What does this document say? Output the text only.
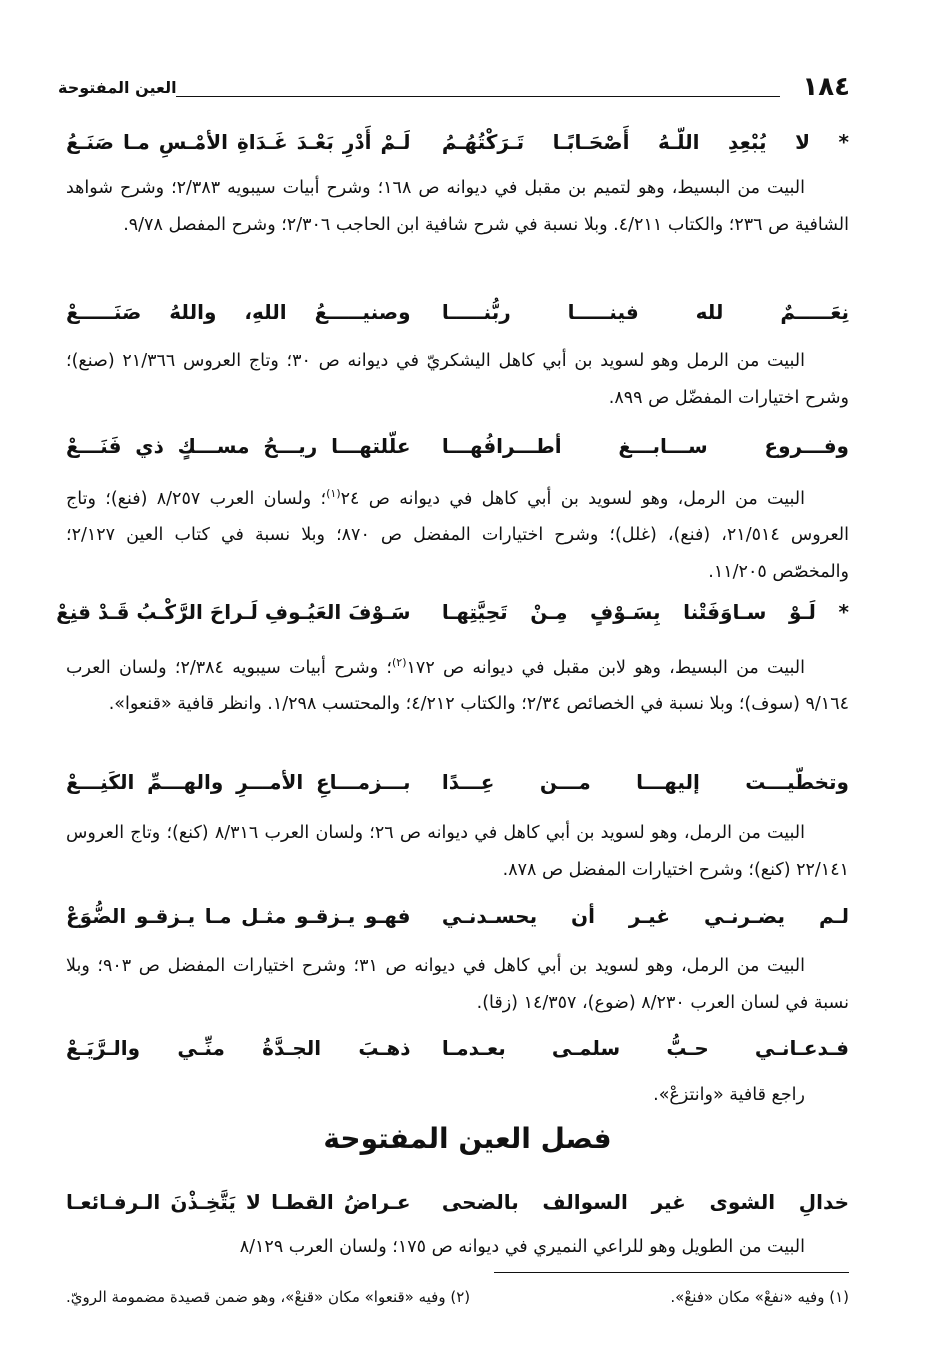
١٨٤
العين المفتوحة
* لا يُبْعِدِ اللّـهُ أَصْحَـابًـا تَـرَكْتُهُـمُ
لَـمْ أَدْرِ بَعْـدَ غَـدَاةِ الأمْـسِ مـا صَنَـعُ

البيت من البسيط، وهو لتميم بن مقبل في ديوانه ص ١٦٨؛ وشرح أبيات سيبويه ٢/٣٨٣؛ وشرح شواهد الشافية ص ٢٣٦؛ والكتاب ٤/٢١١. وبلا نسبة في شرح شافية ابن الحاجب ٢/٣٠٦؛ وشرح المفصل ٩/٧٨.

نِعَـــــمٌ لله فينـــــا ربُّنـــــا
وصنيـــــعُ اللهِ، واللهُ صَنَـــــعْ

البيت من الرمل وهو لسويد بن أبي كاهل اليشكريّ في ديوانه ص ٣٠؛ وتاج العروس ٢١/٣٦٦ (صنع)؛ وشرح اختيارات المفضّل ص ٨٩٩.

وفـــروع ســـابـــغ أطـــرافُهـــا
علّلتهـــا ريـــحُ مســـكٍ ذي فَنَـــعْ

البيت من الرمل، وهو لسويد بن أبي كاهل في ديوانه ص ٢٤$^{(١)}$؛ ولسان العرب ٨/٢٥٧ (فنع)؛ وتاج العروس ٢١/٥١٤، (فنع)، (غلل)؛ وشرح اختيارات المفضل ص ٨٧٠؛ وبلا نسبة في كتاب العين ٢/١٢٧؛ والمخصّص ١١/٢٠٥.

* لَـوْ سـاوَفَتْنا بِسَـوْفٍ مِـنْ تَحِيَّتِهـا
سَـوْفَ العَيُـوفِ لَـراحَ الرَّكْـبُ قَـدْ قنِعْ

البيت من البسيط، وهو لابن مقبل في ديوانه ص ١٧٢$^{(٢)}$؛ وشرح أبيات سيبويه ٢/٣٨٤؛ ولسان العرب ٩/١٦٤ (سوف)؛ وبلا نسبة في الخصائص ٢/٣٤؛ والكتاب ٤/٢١٢؛ والمحتسب ١/٢٩٨. وانظر قافية «قنعوا».

وتخطّيـــت إليهـــا مـــن عِـــدًا
بـــزمـــاعِ الأمـــرِ والهـــمِّ الكَنِـــعْ

البيت من الرمل، وهو لسويد بن أبي كاهل في ديوانه ص ٢٦؛ ولسان العرب ٨/٣١٦ (كنع)؛ وتاج العروس ٢٢/١٤١ (كنع)؛ وشرح اختيارات المفضل ص ٨٧٨.

لـم يضـرنـي غيـر أن يحسـدنـي
فهـو يـزقـو مثـل مـا يـزقـو الضُّوَعْ

البيت من الرمل، وهو لسويد بن أبي كاهل في ديوانه ص ٣١؛ وشرح اختيارات المفضل ص ٩٠٣؛ وبلا نسبة في لسان العرب ٨/٢٣٠ (ضوع)، ١٤/٣٥٧ (زقا).

فـدعـانـي حـبُّ سلمـى بعـدمـا
ذهـبَ الجـدَّةُ منِّـي والـرَّيَـعْ

راجع قافية «وانتزعْ».

فصل العين المفتوحة
خدالِ الشوى غير السوالف بالضحى
عـراضُ القطـا لا يَتَّخِـذْنَ الـرفـائعـا

البيت من الطويل وهو للراعي النميري في ديوانه ص ١٧٥؛ ولسان العرب ٨/١٢٩

(١) وفيه «نفعْ» مكان «فنعْ».
(٢) وفيه «قنعوا» مكان «قنعْ»، وهو ضمن قصيدة مضمومة الرويّ.
